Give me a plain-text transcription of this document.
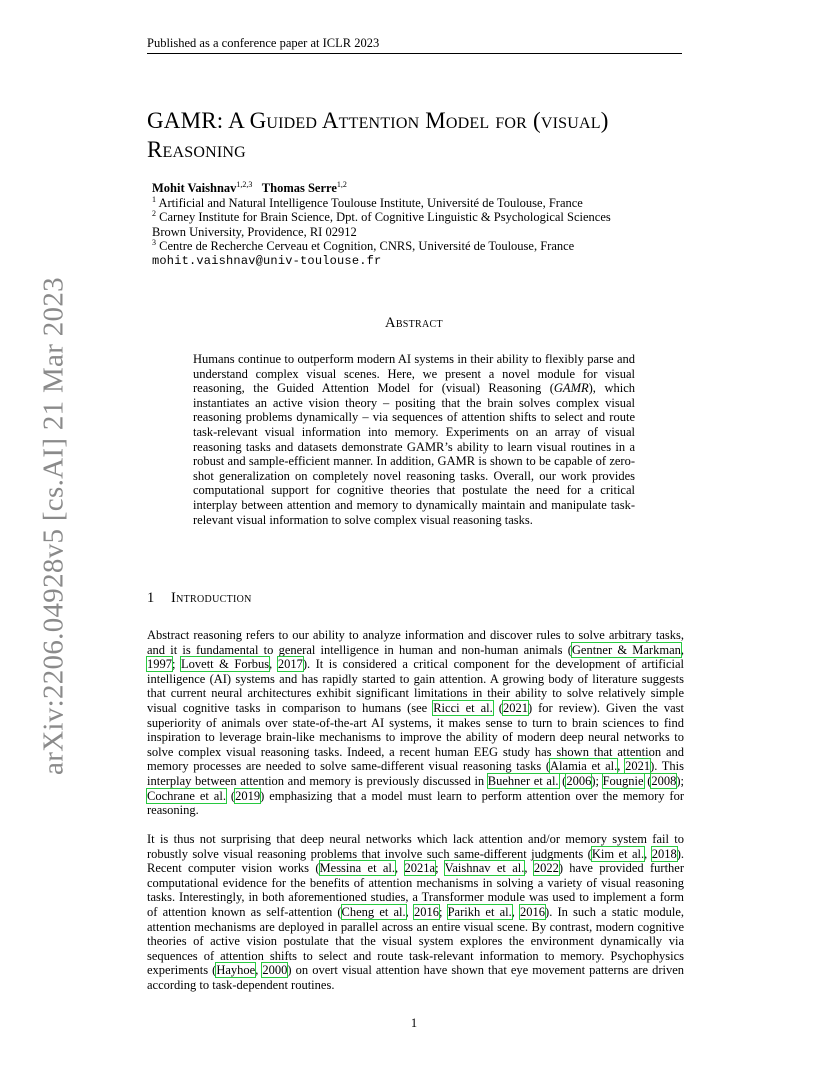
Published as a conference paper at ICLR 2023
arXiv:2206.04928v5 [cs.AI] 21 Mar 2023
GAMR: A Guided Attention Model for (visual)
Reasoning
Mohit Vaishnav$^{1,2,3}$ Thomas Serre$^{1,2}$
$^1$ Artificial and Natural Intelligence Toulouse Institute, Université de Toulouse, France
$^2$ Carney Institute for Brain Science, Dpt. of Cognitive Linguistic & Psychological Sciences
Brown University, Providence, RI 02912
$^3$ Centre de Recherche Cerveau et Cognition, CNRS, Université de Toulouse, France
mohit.vaishnav@univ-toulouse.fr
Abstract
Humans continue to outperform modern AI systems in their ability to flexibly parse and understand complex visual scenes. Here, we present a novel module for visual reasoning, the Guided Attention Model for (visual) Reasoning (GAMR), which instantiates an active vision theory – positing that the brain solves complex visual reasoning problems dynamically – via sequences of attention shifts to select and route task-relevant visual information into memory. Experiments on an array of visual reasoning tasks and datasets demonstrate GAMR’s ability to learn visual routines in a robust and sample-efficient manner. In addition, GAMR is shown to be capable of zero-shot generalization on completely novel reasoning tasks. Overall, our work provides computational support for cognitive theories that postulate the need for a critical interplay between attention and memory to dynamically maintain and manipulate task-relevant visual information to solve complex visual reasoning tasks.
1 Introduction

Abstract reasoning refers to our ability to analyze information and discover rules to solve arbitrary tasks, and it is fundamental to general intelligence in human and non-human animals (Gentner & Markman, 1997; Lovett & Forbus, 2017). It is considered a critical component for the development of artificial intelligence (AI) systems and has rapidly started to gain attention. A growing body of literature suggests that current neural architectures exhibit significant limitations in their ability to solve relatively simple visual cognitive tasks in comparison to humans (see Ricci et al. (2021) for review). Given the vast superiority of animals over state-of-the-art AI systems, it makes sense to turn to brain sciences to find inspiration to leverage brain-like mechanisms to improve the ability of modern deep neural networks to solve complex visual reasoning tasks. Indeed, a recent human EEG study has shown that attention and memory processes are needed to solve same-different visual reasoning tasks (Alamia et al., 2021). This interplay between attention and memory is previously discussed in Buehner et al. (2006); Fougnie (2008); Cochrane et al. (2019) emphasizing that a model must learn to perform attention over the memory for reasoning.

It is thus not surprising that deep neural networks which lack attention and/or memory system fail to robustly solve visual reasoning problems that involve such same-different judgments (Kim et al., 2018). Recent computer vision works (Messina et al., 2021a; Vaishnav et al., 2022) have provided further computational evidence for the benefits of attention mechanisms in solving a variety of visual reasoning tasks. Interestingly, in both aforementioned studies, a Transformer module was used to implement a form of attention known as self-attention (Cheng et al., 2016; Parikh et al., 2016). In such a static module, attention mechanisms are deployed in parallel across an entire visual scene. By contrast, modern cognitive theories of active vision postulate that the visual system explores the environment dynamically via sequences of attention shifts to select and route task-relevant information to memory. Psychophysics experiments (Hayhoe, 2000) on overt visual attention have shown that eye movement patterns are driven according to task-dependent routines.

1
